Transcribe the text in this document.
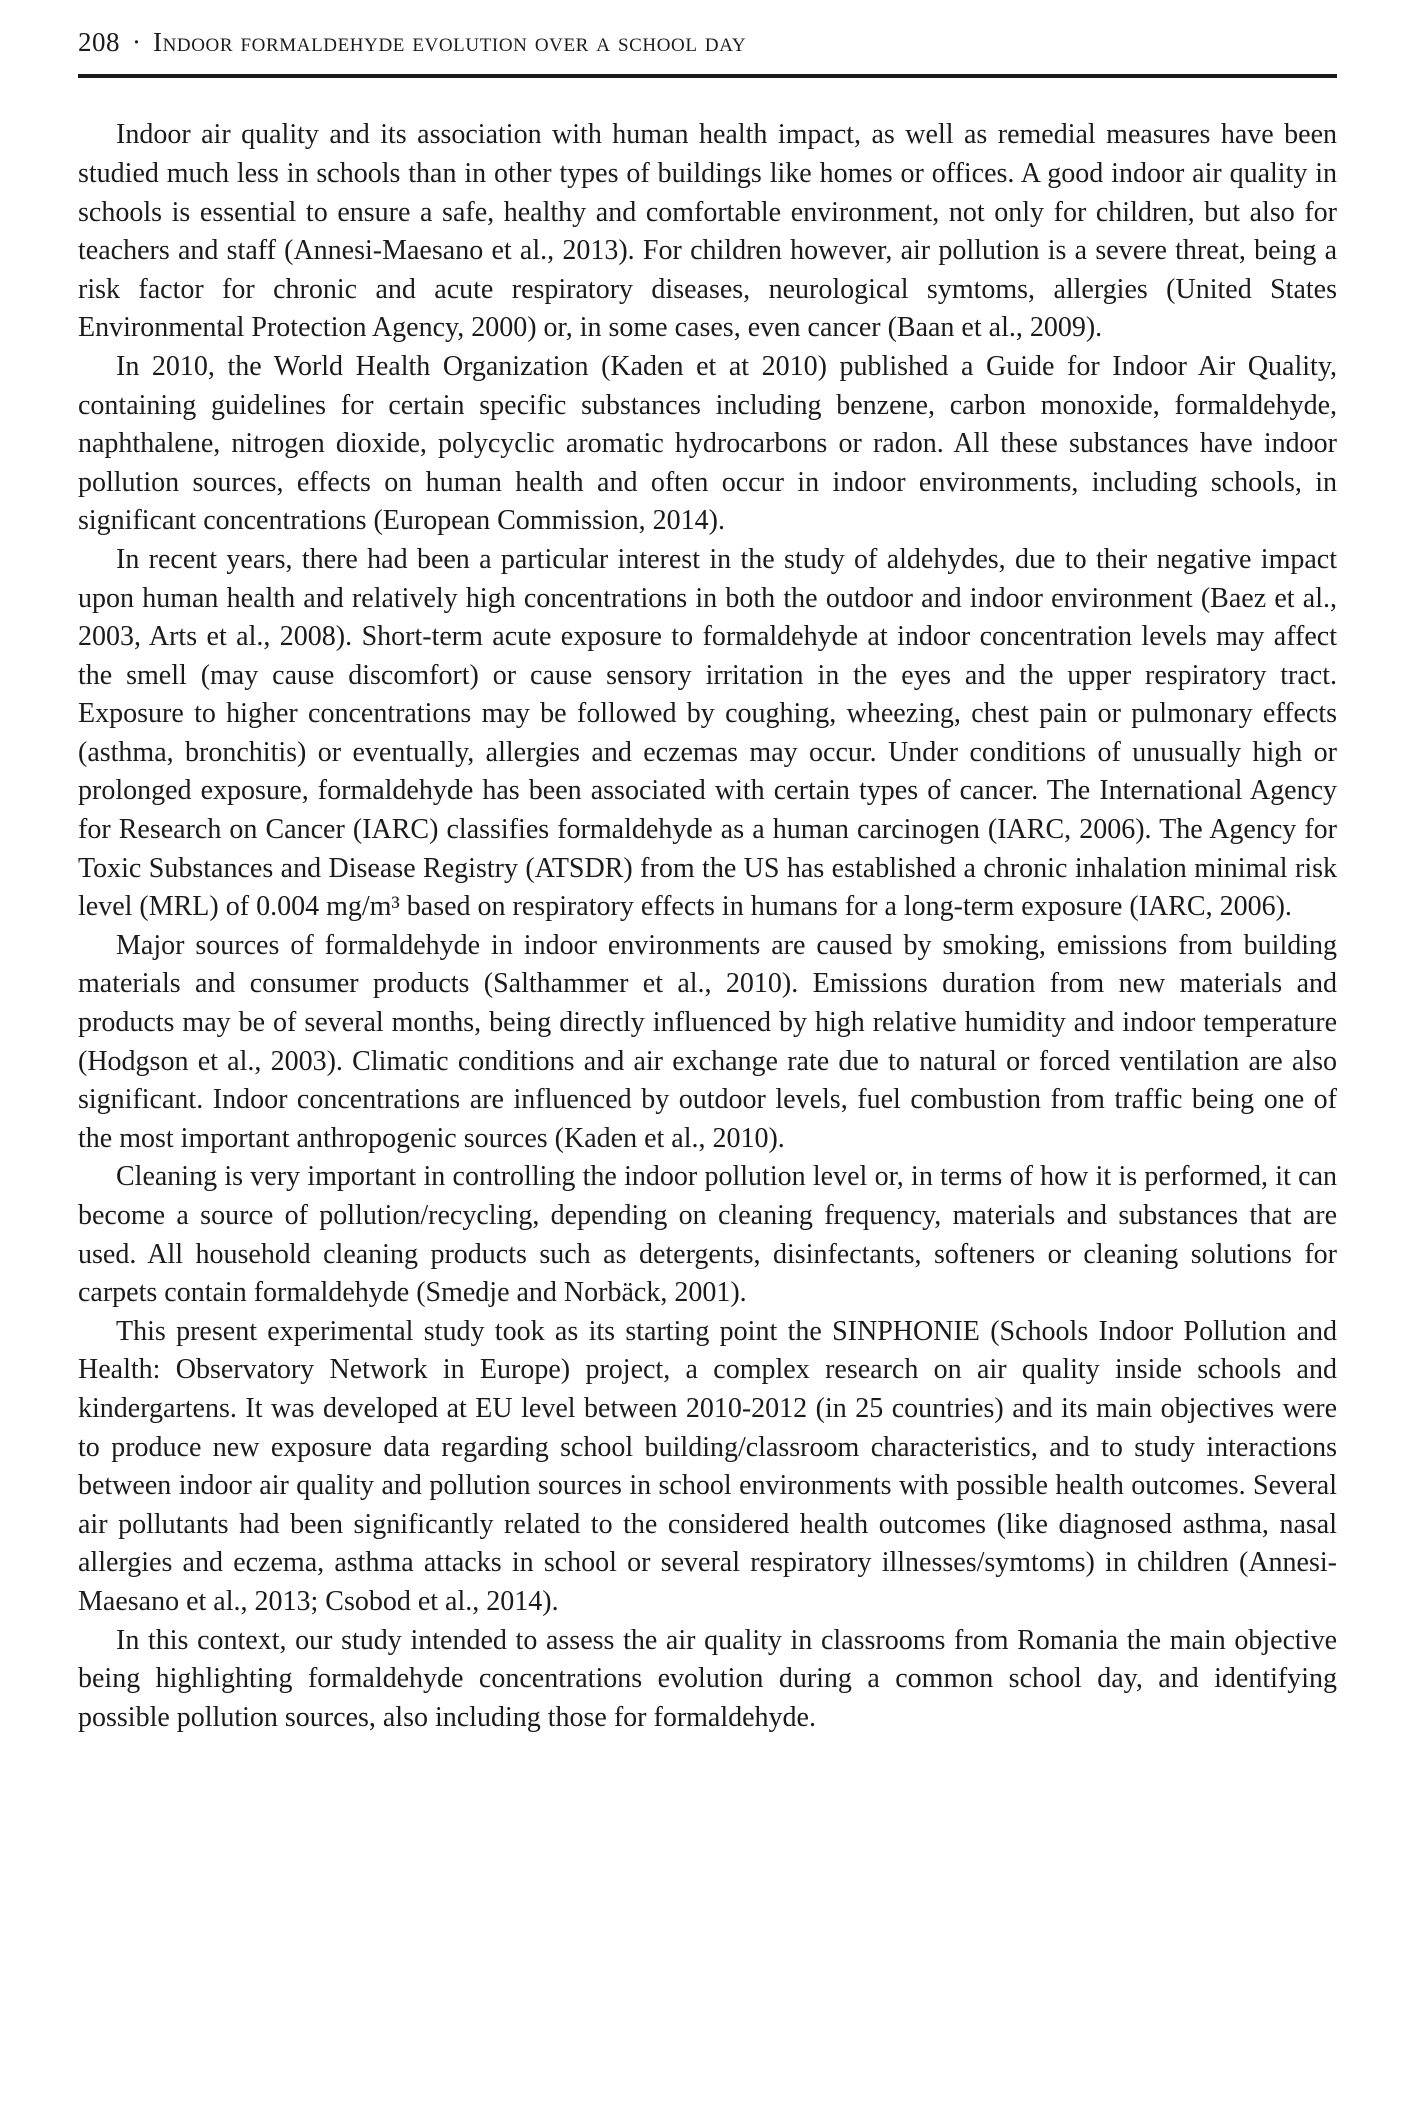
208 · Indoor formaldehyde evolution over a school day

Indoor air quality and its association with human health impact, as well as remedial measures have been studied much less in schools than in other types of buildings like homes or offices. A good indoor air quality in schools is essential to ensure a safe, healthy and comfortable environment, not only for children, but also for teachers and staff (Annesi-Maesano et al., 2013). For children however, air pollution is a severe threat, being a risk factor for chronic and acute respiratory diseases, neurological symtoms, allergies (United States Environmental Protection Agency, 2000) or, in some cases, even cancer (Baan et al., 2009).

In 2010, the World Health Organization (Kaden et at 2010) published a Guide for Indoor Air Quality, containing guidelines for certain specific substances including benzene, carbon monoxide, formaldehyde, naphthalene, nitrogen dioxide, polycyclic aromatic hydrocarbons or radon. All these substances have indoor pollution sources, effects on human health and often occur in indoor environments, including schools, in significant concentrations (European Commission, 2014).

In recent years, there had been a particular interest in the study of aldehydes, due to their negative impact upon human health and relatively high concentrations in both the outdoor and indoor environment (Baez et al., 2003, Arts et al., 2008). Short-term acute exposure to formaldehyde at indoor concentration levels may affect the smell (may cause discomfort) or cause sensory irritation in the eyes and the upper respiratory tract. Exposure to higher concentrations may be followed by coughing, wheezing, chest pain or pulmonary effects (asthma, bronchitis) or eventually, allergies and eczemas may occur. Under conditions of unusually high or prolonged exposure, formaldehyde has been associated with certain types of cancer. The International Agency for Research on Cancer (IARC) classifies formaldehyde as a human carcinogen (IARC, 2006). The Agency for Toxic Substances and Disease Registry (ATSDR) from the US has established a chronic inhalation minimal risk level (MRL) of 0.004 mg/m³ based on respiratory effects in humans for a long-term exposure (IARC, 2006).

Major sources of formaldehyde in indoor environments are caused by smoking, emissions from building materials and consumer products (Salthammer et al., 2010). Emissions duration from new materials and products may be of several months, being directly influenced by high relative humidity and indoor temperature (Hodgson et al., 2003). Climatic conditions and air exchange rate due to natural or forced ventilation are also significant. Indoor concentrations are influenced by outdoor levels, fuel combustion from traffic being one of the most important anthropogenic sources (Kaden et al., 2010).

Cleaning is very important in controlling the indoor pollution level or, in terms of how it is performed, it can become a source of pollution/recycling, depending on cleaning frequency, materials and substances that are used. All household cleaning products such as detergents, disinfectants, softeners or cleaning solutions for carpets contain formaldehyde (Smedje and Norbäck, 2001).

This present experimental study took as its starting point the SINPHONIE (Schools Indoor Pollution and Health: Observatory Network in Europe) project, a complex research on air quality inside schools and kindergartens. It was developed at EU level between 2010-2012 (in 25 countries) and its main objectives were to produce new exposure data regarding school building/classroom characteristics, and to study interactions between indoor air quality and pollution sources in school environments with possible health outcomes. Several air pollutants had been significantly related to the considered health outcomes (like diagnosed asthma, nasal allergies and eczema, asthma attacks in school or several respiratory illnesses/symtoms) in children (Annesi-Maesano et al., 2013; Csobod et al., 2014).

In this context, our study intended to assess the air quality in classrooms from Romania the main objective being highlighting formaldehyde concentrations evolution during a common school day, and identifying possible pollution sources, also including those for formaldehyde.
